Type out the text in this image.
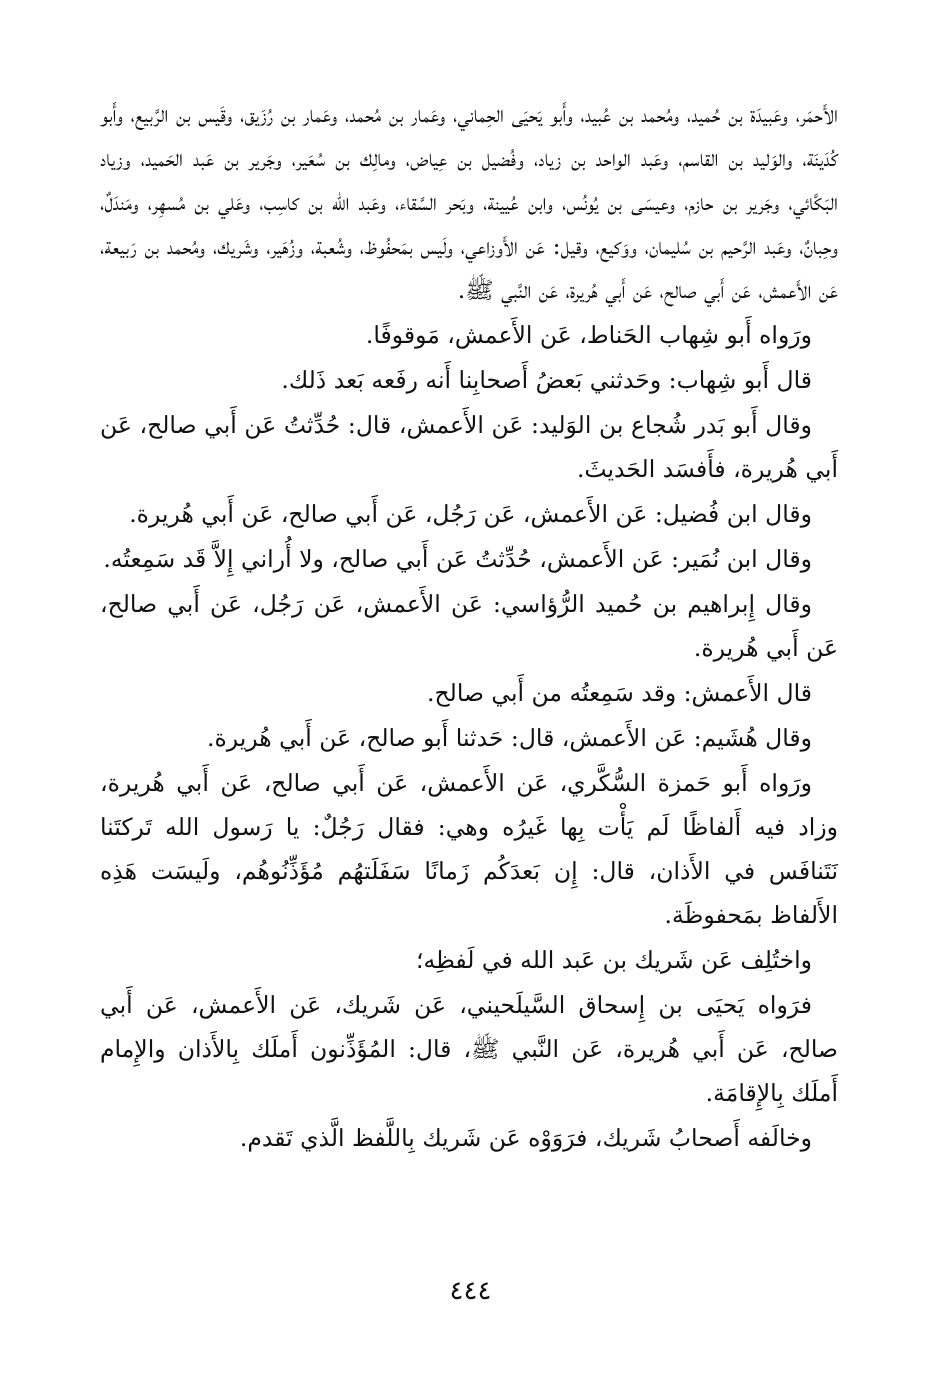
الأَحمَر، وعَبيدَة بن حُميد، ومُحمد بن عُبيد، وأَبو يَحيَى الحِماني، وعَمار بن مُحمد، وعَمار بن رُزَيق، وقَيس بن الرَّبيع، وأَبو كُدَينَة، والوَليد بن القاسم، وعَبد الواحد بن زياد، وفُضيل بن عِياض، ومالِك بن سُعَير، وجَرير بن عَبد الحَميد، وزياد البَكَّائي، وجَرير بن حازم، وعيسَى بن يُونُس، وابن عُيينة، وبَحر السَّقاء، وعَبد الله بن كاسِب، وعَلي بن مُسهِر، ومَندَلٌ، وحِبانٌ، وعَبد الرَّحيم بن سُليمان، ووَكيع، وقيل: عَن الأَوزاعي، ولَيس بمَحفُوظ، وشُعبة، وزُهَير، وشَريك، ومُحمد بن رَبيعة، عَن الأَعمش، عَن أَبي صالح، عَن أَبي هُريرة، عَن النَّبي ﷺ.

ورَواه أَبو شِهاب الحَناط، عَن الأَعمش، مَوقوفًا.

قال أَبو شِهاب: وحَدثني بَعضُ أَصحابِنا أَنه رفَعه بَعد ذَلك.

وقال أَبو بَدر شُجاع بن الوَليد: عَن الأَعمش، قال: حُدِّثتُ عَن أَبي صالح، عَن أَبي هُريرة، فأَفسَد الحَديثَ.

وقال ابن فُضيل: عَن الأَعمش، عَن رَجُل، عَن أَبي صالح، عَن أَبي هُريرة.

وقال ابن نُمَير: عَن الأَعمش، حُدِّثتُ عَن أَبي صالح، ولا أُراني إِلاَّ قَد سَمِعتُه.

وقال إِبراهيم بن حُميد الرُّؤاسي: عَن الأَعمش، عَن رَجُل، عَن أَبي صالح، عَن أَبي هُريرة.

قال الأَعمش: وقد سَمِعتُه من أَبي صالح.

وقال هُشَيم: عَن الأَعمش، قال: حَدثنا أَبو صالح، عَن أَبي هُريرة.

ورَواه أَبو حَمزة السُّكَّري، عَن الأَعمش، عَن أَبي صالح، عَن أَبي هُريرة، وزاد فيه أَلفاظًا لَم يَأْت بِها غَيرُه وهي: فقال رَجُلٌ: يا رَسول الله تَركتَنا نَتَنافَس في الأَذان، قال: إِن بَعدَكُم زَمانًا سَفَلَتهُم مُؤَذِّنُوهُم، ولَيسَت هَذِه الأَلفاظ بمَحفوظَة.

واختُلِف عَن شَريك بن عَبد الله في لَفظِه؛

فرَواه يَحيَى بن إِسحاق السَّيلَحيني، عَن شَريك، عَن الأَعمش، عَن أَبي صالح، عَن أَبي هُريرة، عَن النَّبي ﷺ، قال: المُؤَذِّنون أَملَك بِالأَذان والإِمام أَملَك بِالإِقامَة.

وخالَفه أَصحابُ شَريك، فرَوَوْه عَن شَريك بِاللَّفظ الَّذي تَقدم.

٤٤٤
